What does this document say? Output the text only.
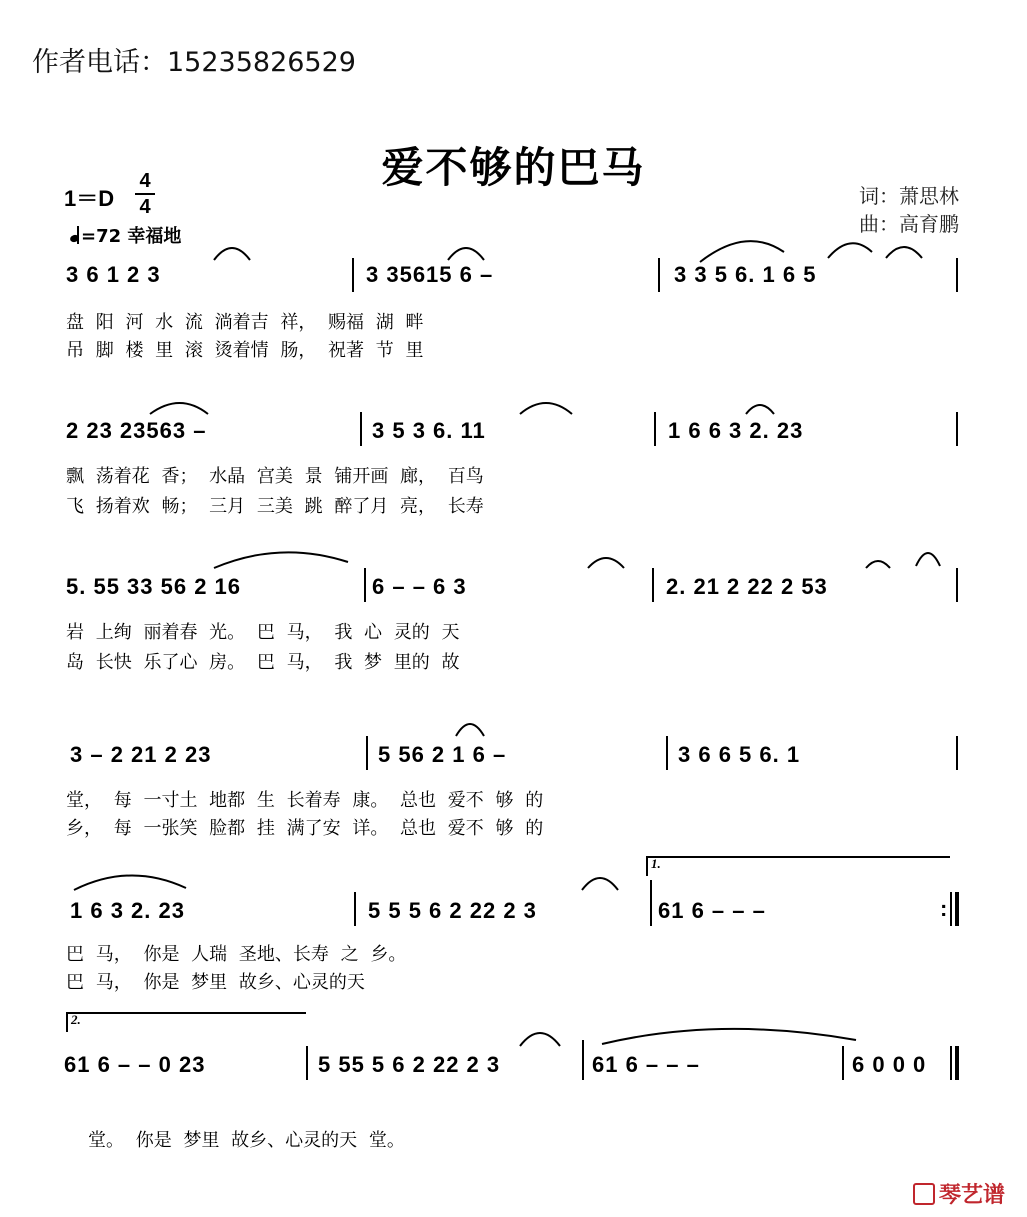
作者电话：15235826529
爱不够的巴马
1＝D
4
4
=72 幸福地
词：萧思林
曲：高育鹏
3 6 1 2 3	3 35615 6 –	3 3 5 6. 1 6 5
盘 阳 河 水 流 淌着吉 祥， 赐福 湖 畔
吊 脚 楼 里 滚 烫着情 肠， 祝著 节 里
2 23 23563 –	3 5 3 6. 11	1 6 6 3 2. 23
飘 荡着花 香； 水晶 宫美 景 铺开画 廊， 百鸟
飞 扬着欢 畅； 三月 三美 跳 醉了月 亮， 长寿
5. 55 33 56 2 16	6 – – 6 3	2. 21 2 22 2 53
岩 上绚 丽着春 光。 巴 马， 我 心 灵的 天
岛 长快 乐了心 房。 巴 马， 我 梦 里的 故
3 – 2 21 2 23	5 56 2 1 6 –	3 6 6 5 6. 1
堂， 每 一寸土 地都 生 长着寿 康。 总也 爱不 够 的
乡， 每 一张笑 脸都 挂 满了安 详。 总也 爱不 够 的
1.
1 6 3 2. 23	5 5 5 6 2 22 2 3	61 6 – – –	:
巴 马， 你是 人瑞 圣地、长寿 之 乡。
巴 马， 你是 梦里 故乡、心灵的天
2.
61 6 – – 0 23	5 55 5 6 2 22 2 3	61 6 – – –	6 0 0 0
堂。 你是 梦里 故乡、心灵的天 堂。
琴艺谱
